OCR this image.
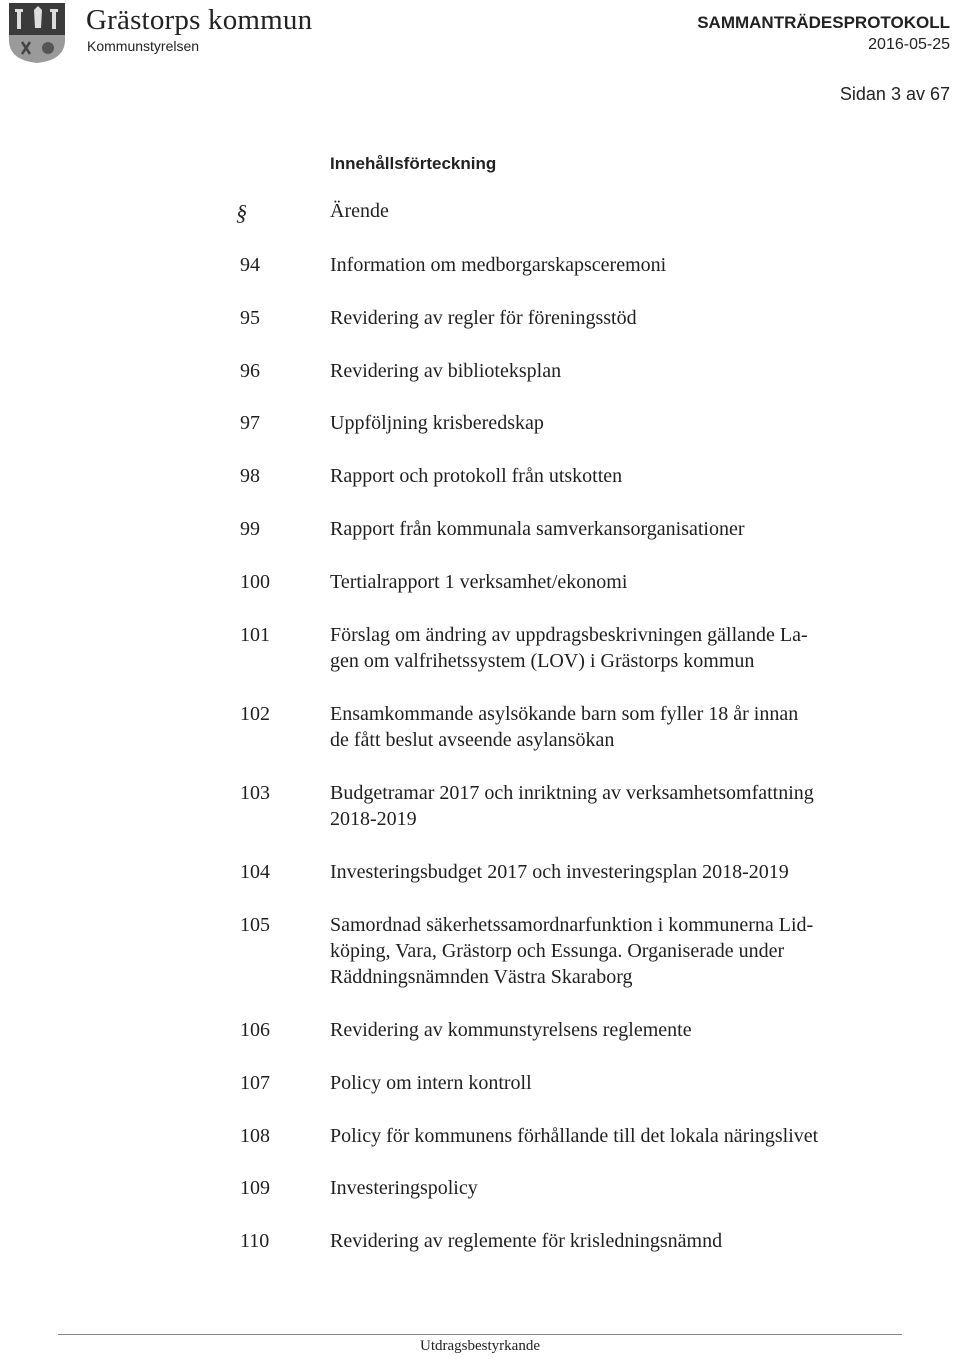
Grästorps kommun
Kommunstyrelsen
SAMMANTRÄDESPROTOKOLL
2016-05-25
Sidan 3 av 67
Innehållsförteckning
§	Ärende
94	Information om medborgarskapsceremoni
95	Revidering av regler för föreningsstöd
96	Revidering av biblioteksplan
97	Uppföljning krisberedskap
98	Rapport och protokoll från utskotten
99	Rapport från kommunala samverkansorganisationer
100	Tertialrapport 1 verksamhet/ekonomi
101	Förslag om ändring av uppdragsbeskrivningen gällande La-
gen om valfrihetssystem (LOV) i Grästorps kommun
102	Ensamkommande asylsökande barn som fyller 18 år innan
de fått beslut avseende asylansökan
103	Budgetramar 2017 och inriktning av verksamhetsomfattning
2018-2019
104	Investeringsbudget 2017 och investeringsplan 2018-2019
105	Samordnad säkerhetssamordnarfunktion i kommunerna Lid-
köping, Vara, Grästorp och Essunga. Organiserade under
Räddningsnämnden Västra Skaraborg
106	Revidering av kommunstyrelsens reglemente
107	Policy om intern kontroll
108	Policy för kommunens förhållande till det lokala näringslivet
109	Investeringspolicy
110	Revidering av reglemente för krisledningsnämnd
Utdragsbestyrkande
